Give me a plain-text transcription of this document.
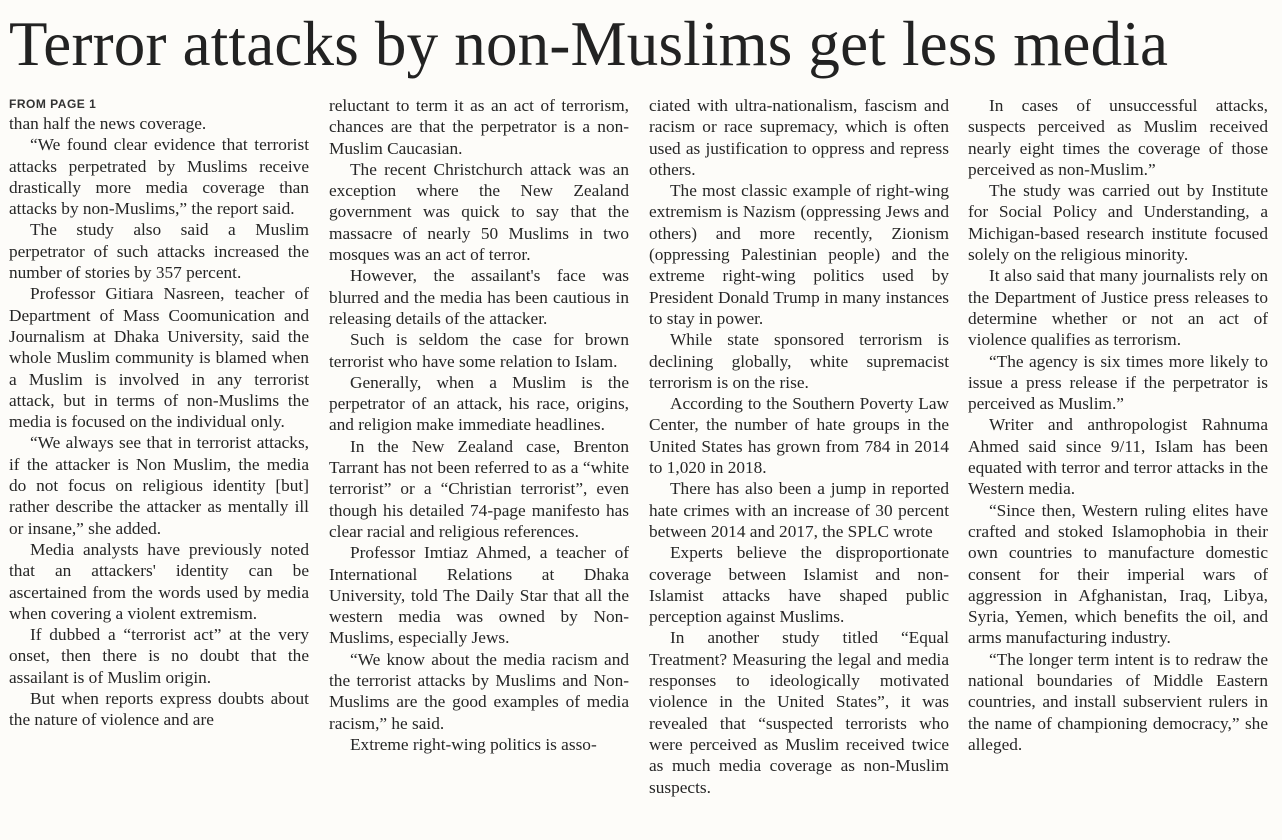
Terror attacks by non-Muslims get less media
FROM PAGE 1

than half the news coverage.

“We found clear evidence that terrorist attacks perpetrated by Muslims receive drastically more media coverage than attacks by non-Muslims,” the report said.

The study also said a Muslim perpetrator of such attacks increased the number of stories by 357 percent.

Professor Gitiara Nasreen, teacher of Department of Mass Coomunication and Journalism at Dhaka University, said the whole Muslim community is blamed when a Muslim is involved in any terrorist attack, but in terms of non-Muslims the media is focused on the individual only.

“We always see that in terrorist attacks, if the attacker is Non Muslim, the media do not focus on religious identity [but] rather describe the attacker as mentally ill or insane,” she added.

Media analysts have previously noted that an attackers' identity can be ascertained from the words used by media when covering a violent extremism.

If dubbed a “terrorist act” at the very onset, then there is no doubt that the assailant is of Muslim origin.

But when reports express doubts about the nature of violence and are

reluctant to term it as an act of terrorism, chances are that the perpetrator is a non-Muslim Caucasian.

The recent Christchurch attack was an exception where the New Zealand government was quick to say that the massacre of nearly 50 Muslims in two mosques was an act of terror.

However, the assailant's face was blurred and the media has been cautious in releasing details of the attacker.

Such is seldom the case for brown terrorist who have some relation to Islam.

Generally, when a Muslim is the perpetrator of an attack, his race, origins, and religion make immediate headlines.

In the New Zealand case, Brenton Tarrant has not been referred to as a “white terrorist” or a “Christian terrorist”, even though his detailed 74-page manifesto has clear racial and religious references.

Professor Imtiaz Ahmed, a teacher of International Relations at Dhaka University, told The Daily Star that all the western media was owned by Non-Muslims, especially Jews.

“We know about the media racism and the terrorist attacks by Muslims and Non-Muslims are the good examples of media racism,” he said.

Extreme right-wing politics is asso-

ciated with ultra-nationalism, fascism and racism or race supremacy, which is often used as justification to oppress and repress others.

The most classic example of right-wing extremism is Nazism (oppressing Jews and others) and more recently, Zionism (oppressing Palestinian people) and the extreme right-wing politics used by President Donald Trump in many instances to stay in power.

While state sponsored terrorism is declining globally, white supremacist terrorism is on the rise.

According to the Southern Poverty Law Center, the number of hate groups in the United States has grown from 784 in 2014 to 1,020 in 2018.

There has also been a jump in reported hate crimes with an increase of 30 percent between 2014 and 2017, the SPLC wrote

Experts believe the disproportionate coverage between Islamist and non-Islamist attacks have shaped public perception against Muslims.

In another study titled “Equal Treatment? Measuring the legal and media responses to ideologically motivated violence in the United States”, it was revealed that “suspected terrorists who were perceived as Muslim received twice as much media coverage as non-Muslim suspects.

In cases of unsuccessful attacks, suspects perceived as Muslim received nearly eight times the coverage of those perceived as non-Muslim.”

The study was carried out by Institute for Social Policy and Understanding, a Michigan-based research institute focused solely on the religious minority.

It also said that many journalists rely on the Department of Justice press releases to determine whether or not an act of violence qualifies as terrorism.

“The agency is six times more likely to issue a press release if the perpetrator is perceived as Muslim.”

Writer and anthropologist Rahnuma Ahmed said since 9/11, Islam has been equated with terror and terror attacks in the Western media.

“Since then, Western ruling elites have crafted and stoked Islamophobia in their own countries to manufacture domestic consent for their imperial wars of aggression in Afghanistan, Iraq, Libya, Syria, Yemen, which benefits the oil, and arms manufacturing industry.

“The longer term intent is to redraw the national boundaries of Middle Eastern countries, and install subservient rulers in the name of championing democracy,” she alleged.
